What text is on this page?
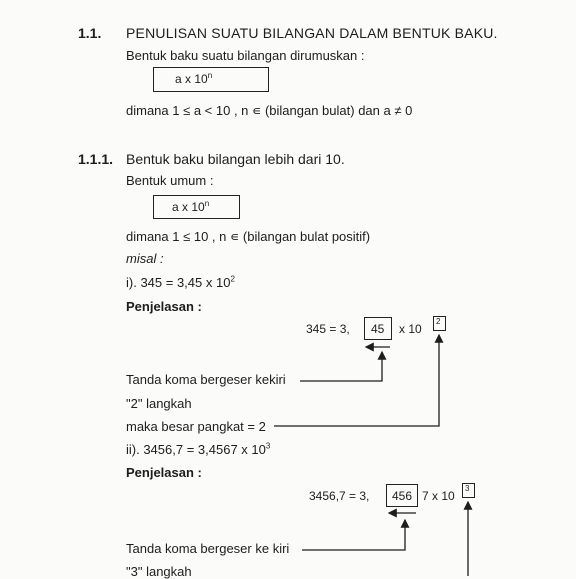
1.1. PENULISAN SUATU BILANGAN DALAM BENTUK BAKU.
Bentuk baku suatu bilangan dirumuskan :
a x 10$^n$
dimana 1 ≤ a < 10 , n ∊ (bilangan bulat) dan a ≠ 0
1.1.1. Bentuk baku bilangan lebih dari 10.
Bentuk umum :
a x 10$^n$
dimana 1 ≤ 10 , n ∊ (bilangan bulat positif)
misal :
i). 345 = 3,45 x $10^2$
Penjelasan :
345 = 3, 45 x 10
2
Tanda koma bergeser kekiri
"2" langkah
maka besar pangkat = 2
ii). 3456,7 = 3,4567 x $10^3$
Penjelasan :
3456,7 = 3, 456 7 x 10
3
Tanda koma bergeser ke kiri
"3" langkah
